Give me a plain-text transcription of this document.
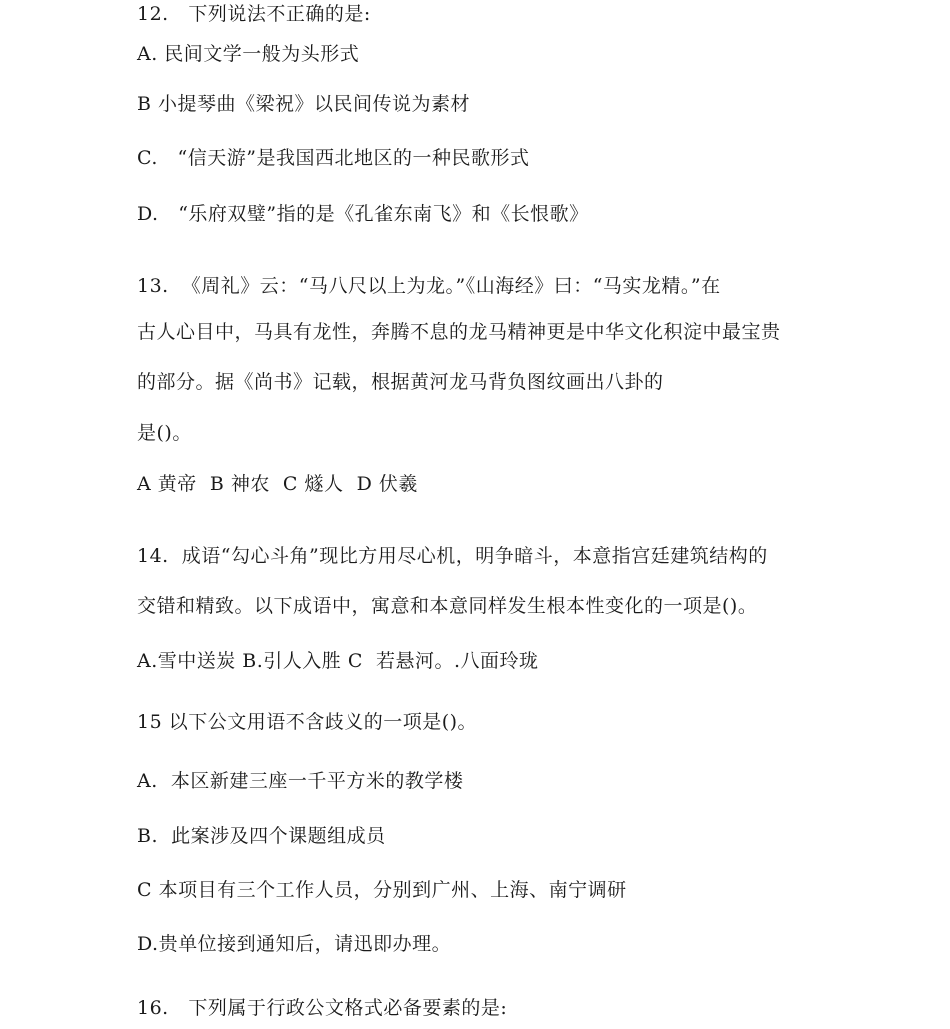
12.   下列说法不正确的是:
A. 民间文学一般为头形式
B 小提琴曲《梁祝》以民间传说为素材
C.   “信天游”是我国西北地区的一种民歌形式
D.   “乐府双璧”指的是《孔雀东南飞》和《长恨歌》
13.  《周礼》云：“马八尺以上为龙。”《山海经》曰：“马实龙精。”在
古人心目中，马具有龙性，奔腾不息的龙马精神更是中华文化积淀中最宝贵
的部分。据《尚书》记载，根据黄河龙马背负图纹画出八卦的
是()。
A 黄帝  B 神农  C 燧人  D 伏羲
14.  成语“勾心斗角”现比方用尽心机，明争暗斗，本意指宫廷建筑结构的
交错和精致。以下成语中，寓意和本意同样发生根本性变化的一项是()。
A.雪中送炭 B.引人入胜 C  若悬河。.八面玲珑
15 以下公文用语不含歧义的一项是()。
A.  本区新建三座一千平方米的教学楼
B.  此案涉及四个课题组成员
C 本项目有三个工作人员，分别到广州、上海、南宁调研
D.贵单位接到通知后，请迅即办理。
16.   下列属于行政公文格式必备要素的是:
